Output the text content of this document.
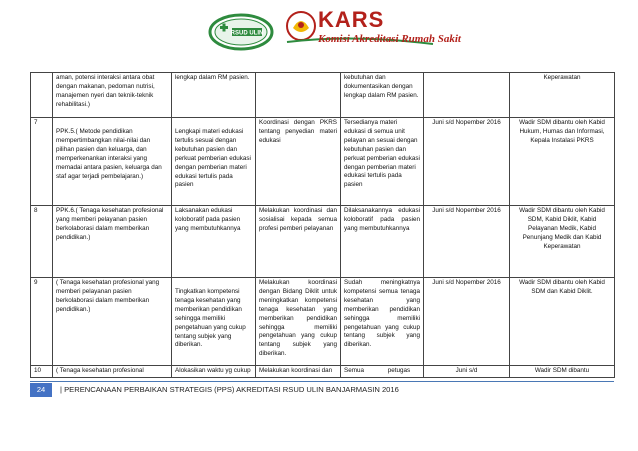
RSUD ULIN
KARS
Komisi Akreditasi Rumah Sakit
	aman, potensi interaksi antara obat dengan makanan, pedoman nutrisi, manajemen nyeri dan teknik-teknik rehabilitasi.)	lengkap dalam RM pasien.		kebutuhan dan dokumentasikan dengan lengkap dalam RM pasien.		Keperawatan
7	PPK.5.( Metode pendidikan mempertimbangkan nilai-nilai dan pilihan pasien dan keluarga, dan memperkenankan interaksi yang memadai antara pasien, keluarga dan staf agar terjadi pembelajaran.)	Lengkapi materi edukasi tertulis sesuai dengan kebutuhan pasien dan perkuat pemberian edukasi dengan pemberian materi edukasi tertulis pada pasien	Koordinasi dengan PKRS tentang penyedian materi edukasi	Tersedianya materi edukasi di semua unit pelayan an sesuai dengan kebutuhan pasien dan perkuat pemberian edukasi dengan pemberian materi edukasi tertulis pada pasien	Juni s/d Nopember 2016	Wadir SDM dibantu oleh Kabid Hukum, Humas dan Informasi, Kepala Instalasi PKRS
8	PPK.6.( Tenaga kesehatan profesional yang memberi pelayanan pasien berkolaborasi dalam memberikan pendidikan.)	Laksanakan edukasi koloboratif pada pasien yang membutuhkannya	Melakukan koordinasi dan sosialisai kepada semua profesi pemberi pelayanan	Dilaksanakannya edukasi koloboratif pada pasien yang membutuhkannya	Juni s/d Nopember 2016	Wadir SDM dibantu oleh Kabid SDM, Kabid Diklit, Kabid Pelayanan Medik, Kabid Penunjang Medik dan Kabid Keperawatan
9	( Tenaga kesehatan profesional yang memberi pelayanan pasien berkolaborasi dalam memberikan pendidikan.)	Tingkatkan kompetensi tenaga kesehatan yang memberikan pendidikan sehingga memiliki pengetahuan yang cukup tentang subjek yang diberikan.	Melakukan koordinasi dengan Bidang Diklit untuk meningkatkan kompetensi tenaga kesehatan yang memberikan pendidikan sehingga memiliki pengetahuan yang cukup tentang subjek yang diberikan.	Sudah meningkatnya kompetensi semua tenaga kesehatan yang memberikan pendidikan sehingga memiliki pengetahuan yang cukup tentang subjek yang diberikan.	Juni s/d Nopember 2016	Wadir SDM dibantu oleh Kabid SDM dan Kabid Diklit.
10	( Tenaga kesehatan profesional	Alokasikan waktu yg cukup	Melakukan koordinasi dan	Semua petugas	Juni s/d	Wadir SDM dibantu
24	| PERENCANAAN PERBAIKAN STRATEGIS (PPS) AKREDITASI RSUD ULIN BANJARMASIN 2016
